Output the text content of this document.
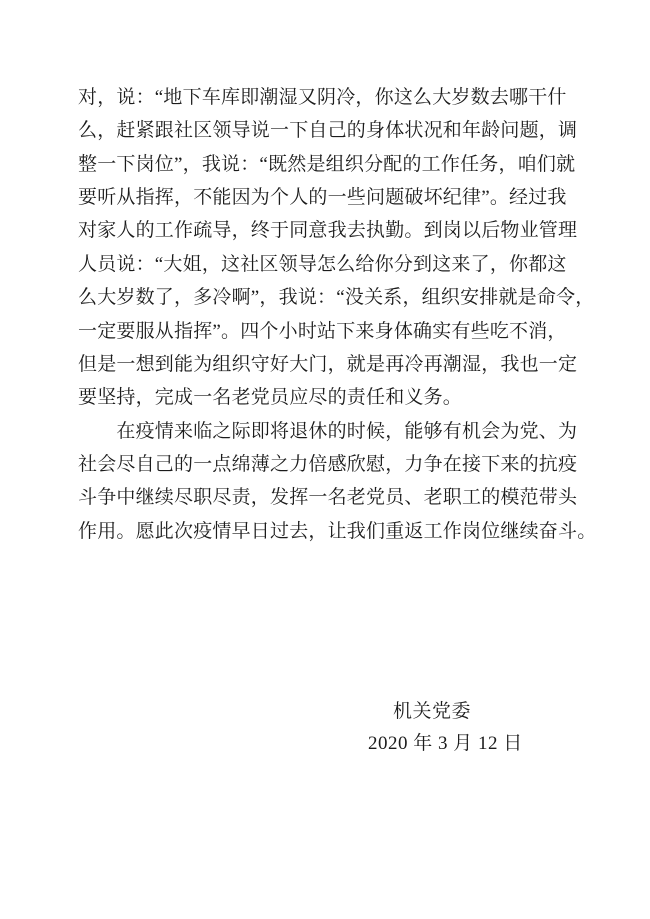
对，说：“地下车库即潮湿又阴冷，你这么大岁数去哪干什
么，赶紧跟社区领导说一下自己的身体状况和年龄问题，调
整一下岗位”，我说：“既然是组织分配的工作任务，咱们就
要听从指挥，不能因为个人的一些问题破坏纪律”。经过我
对家人的工作疏导，终于同意我去执勤。到岗以后物业管理
人员说：“大姐，这社区领导怎么给你分到这来了，你都这
么大岁数了，多冷啊”，我说：“没关系，组织安排就是命令，
一定要服从指挥”。四个小时站下来身体确实有些吃不消，
但是一想到能为组织守好大门，就是再冷再潮湿，我也一定
要坚持，完成一名老党员应尽的责任和义务。
　　在疫情来临之际即将退休的时候，能够有机会为党、为
社会尽自己的一点绵薄之力倍感欣慰，力争在接下来的抗疫
斗争中继续尽职尽责，发挥一名老党员、老职工的模范带头
作用。愿此次疫情早日过去，让我们重返工作岗位继续奋斗。
机关党委
2020 年 3 月 12 日
